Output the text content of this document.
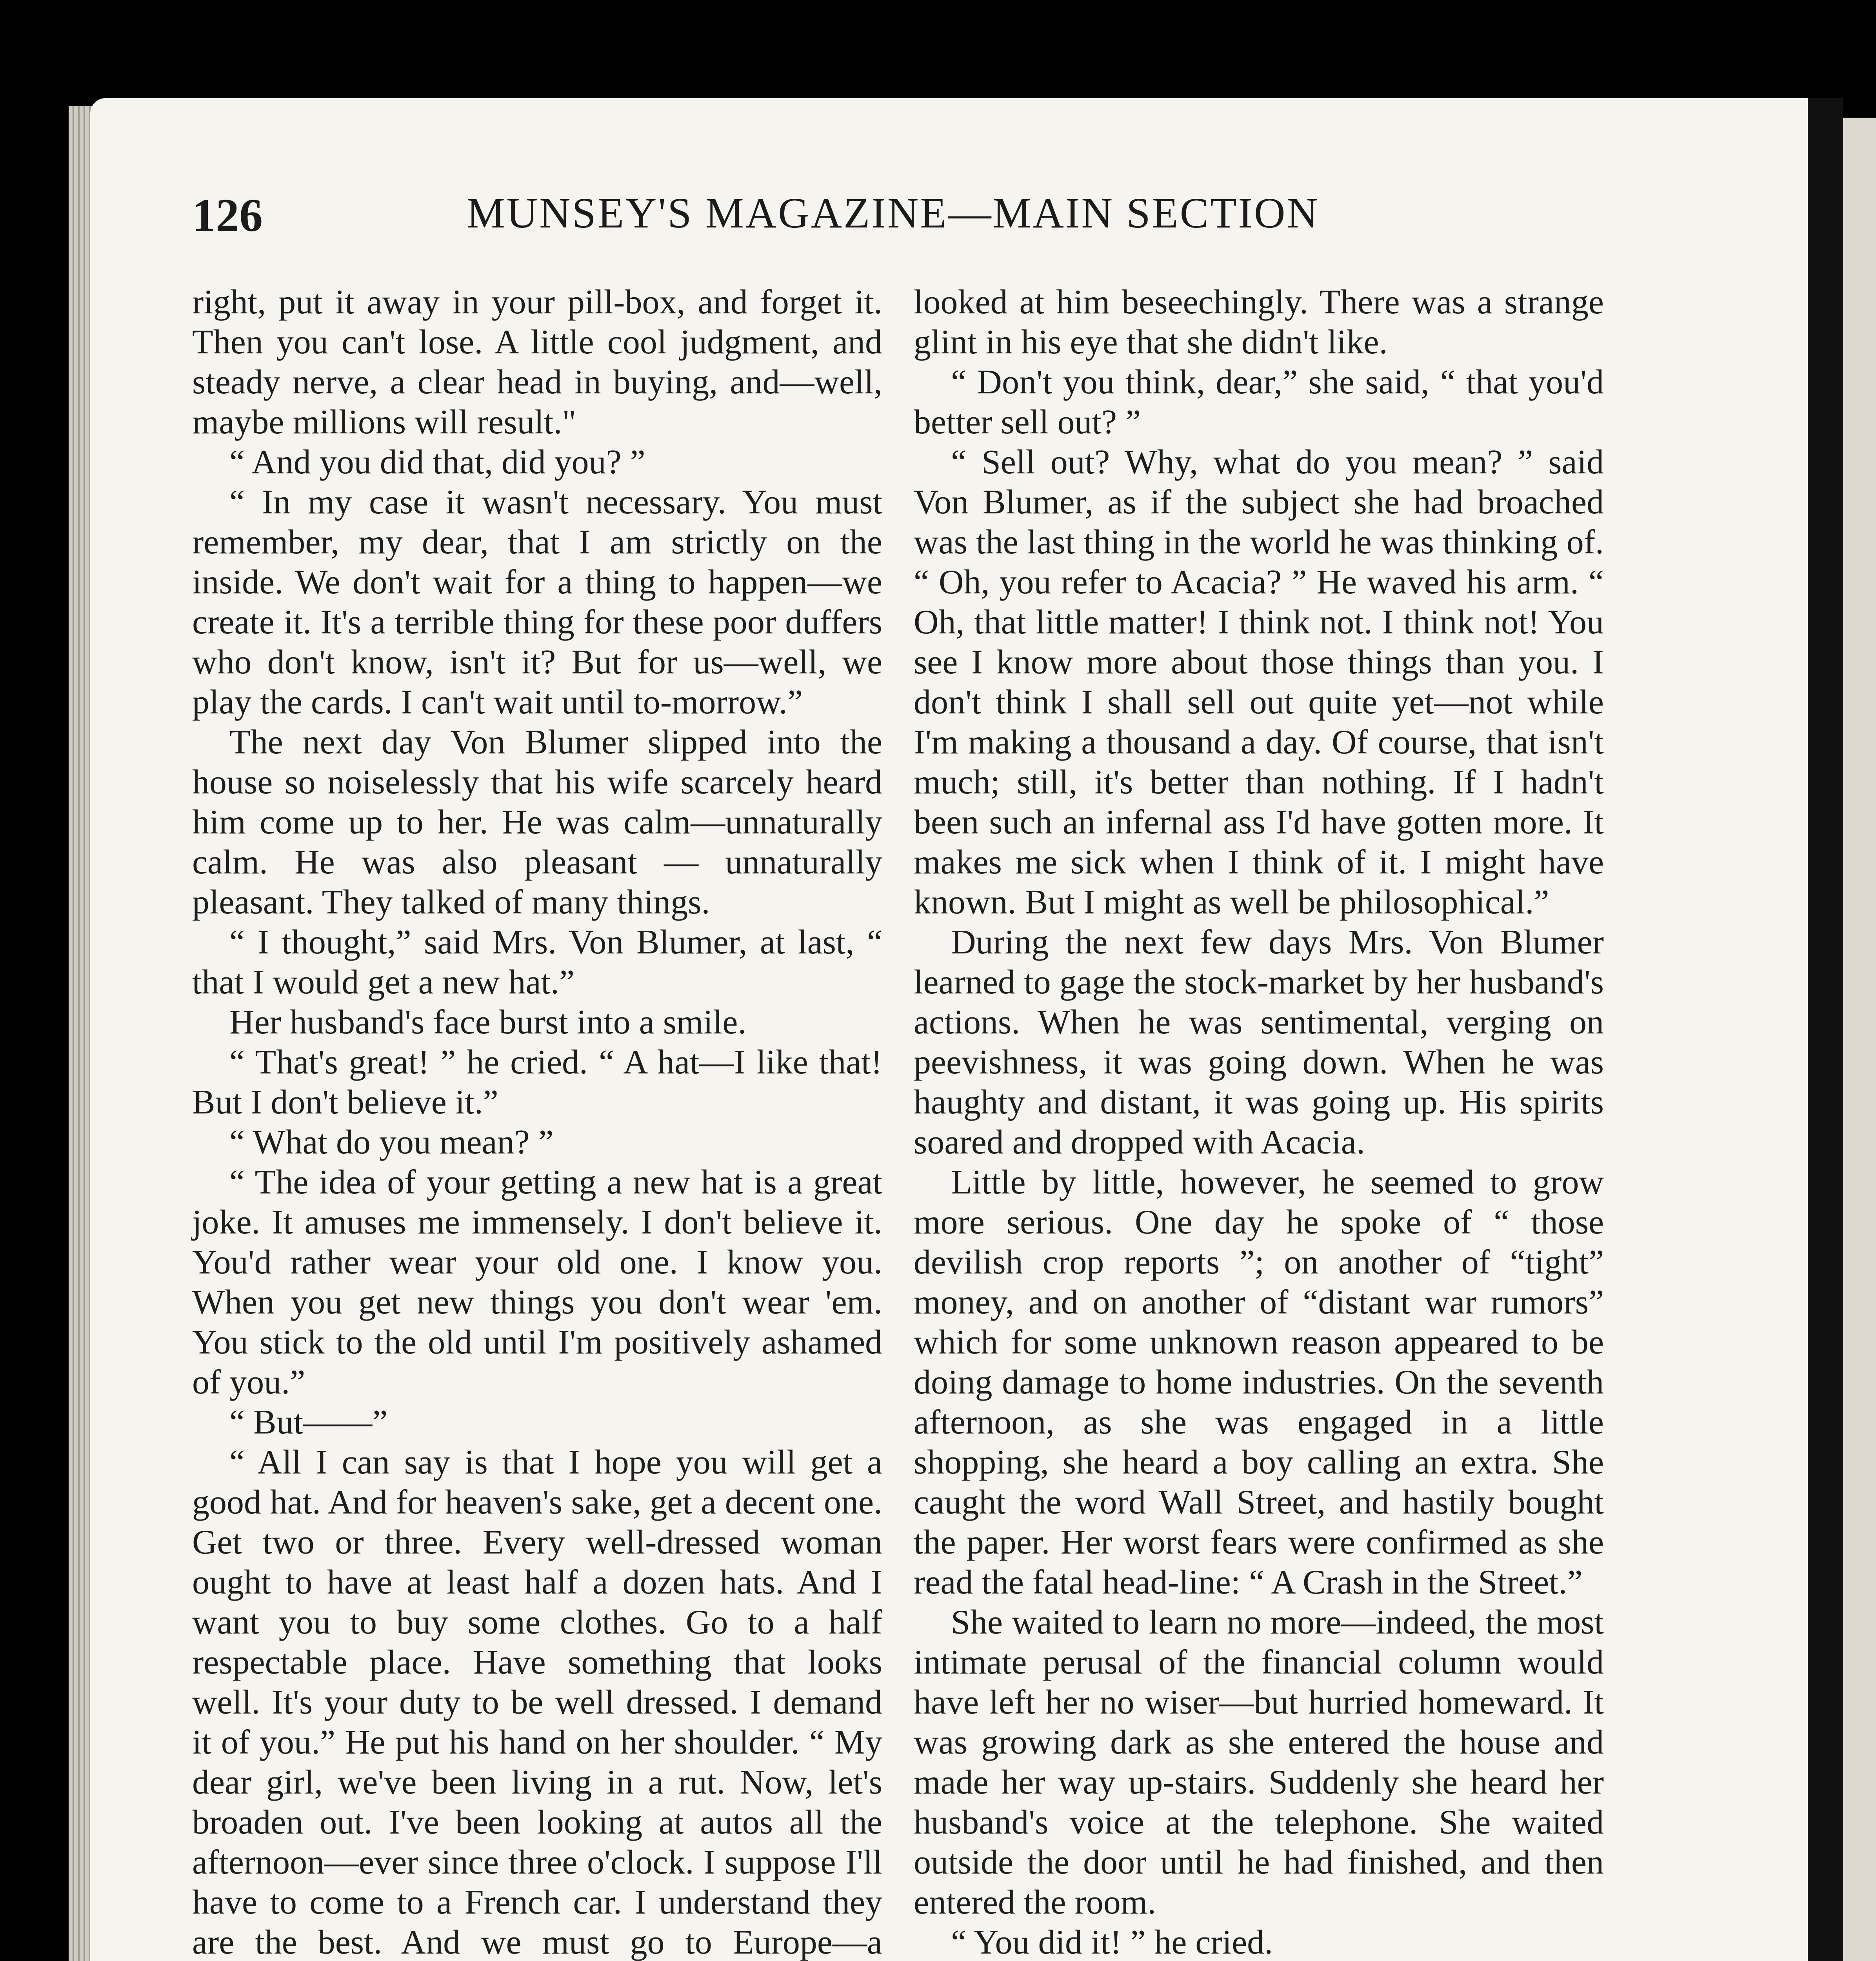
126	MUNSEY'S MAGAZINE—MAIN SECTION

right, put it away in your pill-box, and forget it. Then you can't lose. A little cool judgment, and steady nerve, a clear head in buying, and—well, maybe millions will result."

“ And you did that, did you? ”

“ In my case it wasn't necessary. You must remember, my dear, that I am strictly on the inside. We don't wait for a thing to happen—we create it. It's a terrible thing for these poor duffers who don't know, isn't it? But for us—well, we play the cards. I can't wait until to-morrow.”

The next day Von Blumer slipped into the house so noiselessly that his wife scarcely heard him come up to her. He was calm—unnaturally calm. He was also pleasant — unnaturally pleasant. They talked of many things.

“ I thought,” said Mrs. Von Blumer, at last, “ that I would get a new hat.”

Her husband's face burst into a smile.

“ That's great! ” he cried. “ A hat—I like that! But I don't believe it.”

“ What do you mean? ”

“ The idea of your getting a new hat is a great joke. It amuses me immensely. I don't believe it. You'd rather wear your old one. I know you. When you get new things you don't wear 'em. You stick to the old until I'm positively ashamed of you.”

“ But——”

“ All I can say is that I hope you will get a good hat. And for heaven's sake, get a decent one. Get two or three. Every well-dressed woman ought to have at least half a dozen hats. And I want you to buy some clothes. Go to a half respectable place. Have something that looks well. It's your duty to be well dressed. I demand it of you.” He put his hand on her shoulder. “ My dear girl, we've been living in a rut. Now, let's broaden out. I've been looking at autos all the afternoon—ever since three o'clock. I suppose I'll have to come to a French car. I understand they are the best. And we must go to Europe—a

looked at him beseechingly. There was a strange glint in his eye that she didn't like.

“ Don't you think, dear,” she said, “ that you'd better sell out? ”

“ Sell out? Why, what do you mean? ” said Von Blumer, as if the subject she had broached was the last thing in the world he was thinking of. “ Oh, you refer to Acacia? ” He waved his arm. “ Oh, that little matter! I think not. I think not! You see I know more about those things than you. I don't think I shall sell out quite yet—not while I'm making a thousand a day. Of course, that isn't much; still, it's better than nothing. If I hadn't been such an infernal ass I'd have gotten more. It makes me sick when I think of it. I might have known. But I might as well be philosophical.”

During the next few days Mrs. Von Blumer learned to gage the stock-market by her husband's actions. When he was sentimental, verging on peevishness, it was going down. When he was haughty and distant, it was going up. His spirits soared and dropped with Acacia.

Little by little, however, he seemed to grow more serious. One day he spoke of “ those devilish crop reports ”; on another of “tight” money, and on another of “distant war rumors” which for some unknown reason appeared to be doing damage to home industries. On the seventh afternoon, as she was engaged in a little shopping, she heard a boy calling an extra. She caught the word Wall Street, and hastily bought the paper. Her worst fears were confirmed as she read the fatal head-line: “ A Crash in the Street.”

She waited to learn no more—indeed, the most intimate perusal of the financial column would have left her no wiser—but hurried homeward. It was growing dark as she entered the house and made her way up-stairs. Suddenly she heard her husband's voice at the telephone. She waited outside the door until he had finished, and then entered the room.

“ You did it! ” he cried.
